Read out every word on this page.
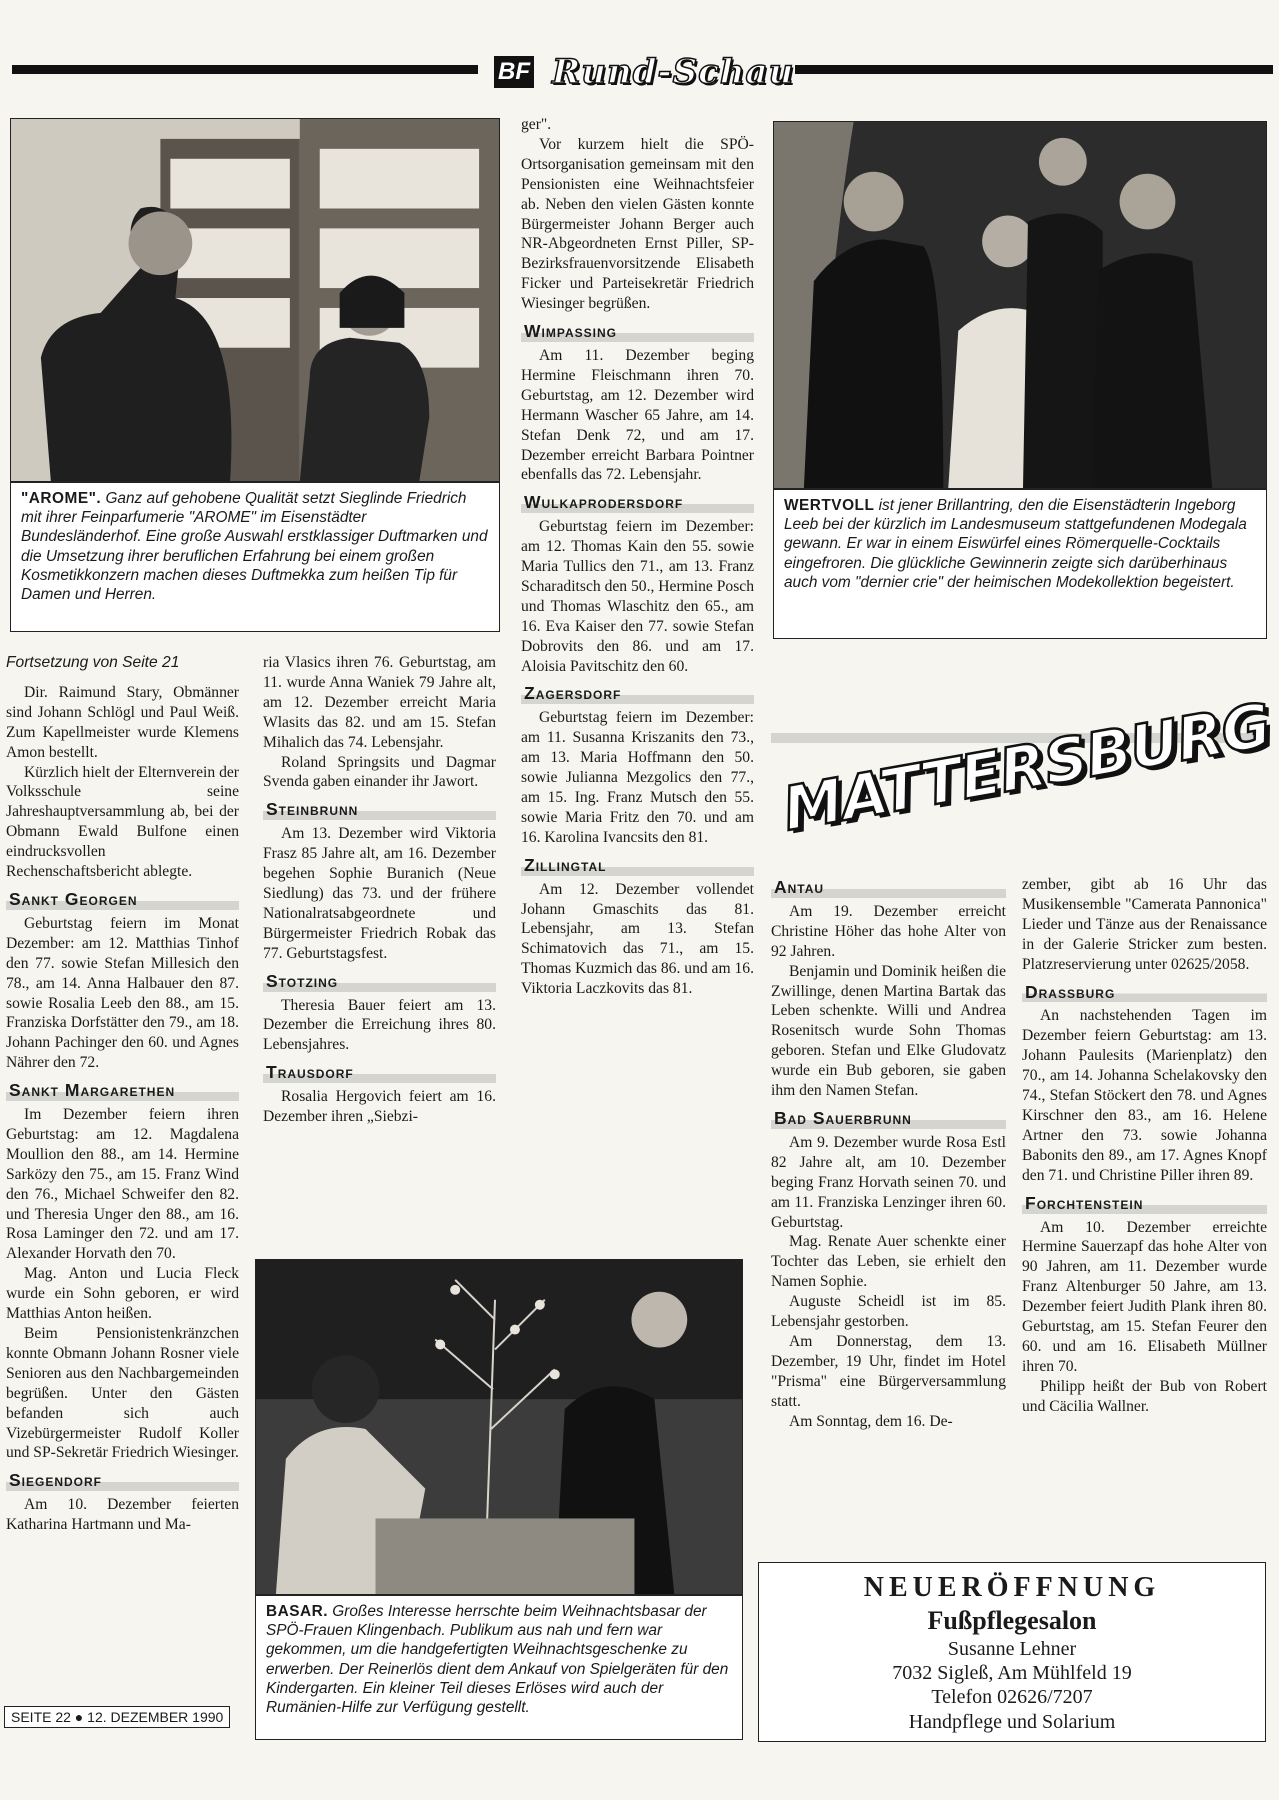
BF Rund-Schau
"AROME". Ganz auf gehobene Qualität setzt Sieglinde Friedrich mit ihrer Feinparfumerie "AROME" im Eisenstädter Bundesländerhof. Eine große Auswahl erstklassiger Duftmarken und die Umsetzung ihrer beruflichen Erfahrung bei einem großen Kosmetikkonzern machen dieses Duftmekka zum heißen Tip für Damen und Herren.

ger".

Vor kurzem hielt die SPÖ-Ortsorganisation gemeinsam mit den Pensionisten eine Weihnachtsfeier ab. Neben den vielen Gästen konnte Bürgermeister Johann Berger auch NR-Abgeordneten Ernst Piller, SP-Bezirksfrauenvorsitzende Elisabeth Ficker und Parteisekretär Friedrich Wiesinger begrüßen.

Wimpassing

Am 11. Dezember beging Hermine Fleischmann ihren 70. Geburtstag, am 12. Dezember wird Hermann Wascher 65 Jahre, am 14. Stefan Denk 72, und am 17. Dezember erreicht Barbara Pointner ebenfalls das 72. Lebensjahr.

Wulkaprodersdorf

Geburtstag feiern im Dezember: am 12. Thomas Kain den 55. sowie Maria Tullics den 71., am 13. Franz Scharaditsch den 50., Hermine Posch und Thomas Wlaschitz den 65., am 16. Eva Kaiser den 77. sowie Stefan Dobrovits den 86. und am 17. Aloisia Pavitschitz den 60.

Zagersdorf

Geburtstag feiern im Dezember: am 11. Susanna Kriszanits den 73., am 13. Maria Hoffmann den 50. sowie Julianna Mezgolics den 77., am 15. Ing. Franz Mutsch den 55. sowie Maria Fritz den 70. und am 16. Karolina Ivancsits den 81.

Zillingtal

Am 12. Dezember vollendet Johann Gmaschits das 81. Lebensjahr, am 13. Stefan Schimatovich das 71., am 15. Thomas Kuzmich das 86. und am 16. Viktoria Laczkovits das 81.

WERTVOLL ist jener Brillantring, den die Eisenstädterin Ingeborg Leeb bei der kürzlich im Landesmuseum stattgefundenen Modegala gewann. Er war in einem Eiswürfel eines Römerquelle-Cocktails eingefroren. Die glückliche Gewinnerin zeigte sich darüberhinaus auch vom "dernier crie" der heimischen Modekollektion begeistert.

Fortsetzung von Seite 21

Dir. Raimund Stary, Obmänner sind Johann Schlögl und Paul Weiß. Zum Kapellmeister wurde Klemens Amon bestellt.

Kürzlich hielt der Elternverein der Volksschule seine Jahreshauptversammlung ab, bei der Obmann Ewald Bulfone einen eindrucksvollen Rechenschaftsbericht ablegte.

Sankt Georgen

Geburtstag feiern im Monat Dezember: am 12. Matthias Tinhof den 77. sowie Stefan Millesich den 78., am 14. Anna Halbauer den 87. sowie Rosalia Leeb den 88., am 15. Franziska Dorfstätter den 79., am 18. Johann Pachinger den 60. und Agnes Nährer den 72.

Sankt Margarethen

Im Dezember feiern ihren Geburtstag: am 12. Magdalena Moullion den 88., am 14. Hermine Sarközy den 75., am 15. Franz Wind den 76., Michael Schweifer den 82. und Theresia Unger den 88., am 16. Rosa Laminger den 72. und am 17. Alexander Horvath den 70.

Mag. Anton und Lucia Fleck wurde ein Sohn geboren, er wird Matthias Anton heißen.

Beim Pensionistenkränzchen konnte Obmann Johann Rosner viele Senioren aus den Nachbargemeinden begrüßen. Unter den Gästen befanden sich auch Vizebürgermeister Rudolf Koller und SP-Sekretär Friedrich Wiesinger.

Siegendorf

Am 10. Dezember feierten Katharina Hartmann und Ma-

ria Vlasics ihren 76. Geburtstag, am 11. wurde Anna Waniek 79 Jahre alt, am 12. Dezember erreicht Maria Wlasits das 82. und am 15. Stefan Mihalich das 74. Lebensjahr.

Roland Springsits und Dagmar Svenda gaben einander ihr Jawort.

Steinbrunn

Am 13. Dezember wird Viktoria Frasz 85 Jahre alt, am 16. Dezember begehen Sophie Buranich (Neue Siedlung) das 73. und der frühere Nationalratsabgeordnete und Bürgermeister Friedrich Robak das 77. Geburtstagsfest.

Stotzing

Theresia Bauer feiert am 13. Dezember die Erreichung ihres 80. Lebensjahres.

Trausdorf

Rosalia Hergovich feiert am 16. Dezember ihren „Siebzi-

BASAR. Großes Interesse herrschte beim Weihnachtsbasar der SPÖ-Frauen Klingenbach. Publikum aus nah und fern war gekommen, um die handgefertigten Weihnachtsgeschenke zu erwerben. Der Reinerlös dient dem Ankauf von Spielgeräten für den Kindergarten. Ein kleiner Teil dieses Erlöses wird auch der Rumänien-Hilfe zur Verfügung gestellt.
MATTERSBURG
Antau

Am 19. Dezember erreicht Christine Höher das hohe Alter von 92 Jahren.

Benjamin und Dominik heißen die Zwillinge, denen Martina Bartak das Leben schenkte. Willi und Andrea Rosenitsch wurde Sohn Thomas geboren. Stefan und Elke Gludovatz wurde ein Bub geboren, sie gaben ihm den Namen Stefan.

Bad Sauerbrunn

Am 9. Dezember wurde Rosa Estl 82 Jahre alt, am 10. Dezember beging Franz Horvath seinen 70. und am 11. Franziska Lenzinger ihren 60. Geburtstag.

Mag. Renate Auer schenkte einer Tochter das Leben, sie erhielt den Namen Sophie.

Auguste Scheidl ist im 85. Lebensjahr gestorben.

Am Donnerstag, dem 13. Dezember, 19 Uhr, findet im Hotel "Prisma" eine Bürgerversammlung statt.

Am Sonntag, dem 16. De-

zember, gibt ab 16 Uhr das Musikensemble "Camerata Pannonica" Lieder und Tänze aus der Renaissance in der Galerie Stricker zum besten. Platzreservierung unter 02625/2058.

Drassburg

An nachstehenden Tagen im Dezember feiern Geburtstag: am 13. Johann Paulesits (Marienplatz) den 70., am 14. Johanna Schelakovsky den 74., Stefan Stöckert den 78. und Agnes Kirschner den 83., am 16. Helene Artner den 73. sowie Johanna Babonits den 89., am 17. Agnes Knopf den 71. und Christine Piller ihren 89.

Forchtenstein

Am 10. Dezember erreichte Hermine Sauerzapf das hohe Alter von 90 Jahren, am 11. Dezember wurde Franz Altenburger 50 Jahre, am 13. Dezember feiert Judith Plank ihren 80. Geburtstag, am 15. Stefan Feurer den 60. und am 16. Elisabeth Müllner ihren 70.

Philipp heißt der Bub von Robert und Cäcilia Wallner.

NEUERÖFFNUNG
Fußpflegesalon
Susanne Lehner
7032 Sigleß, Am Mühlfeld 19
Telefon 02626/7207
Handpflege und Solarium
SEITE 22 ● 12. DEZEMBER 1990
